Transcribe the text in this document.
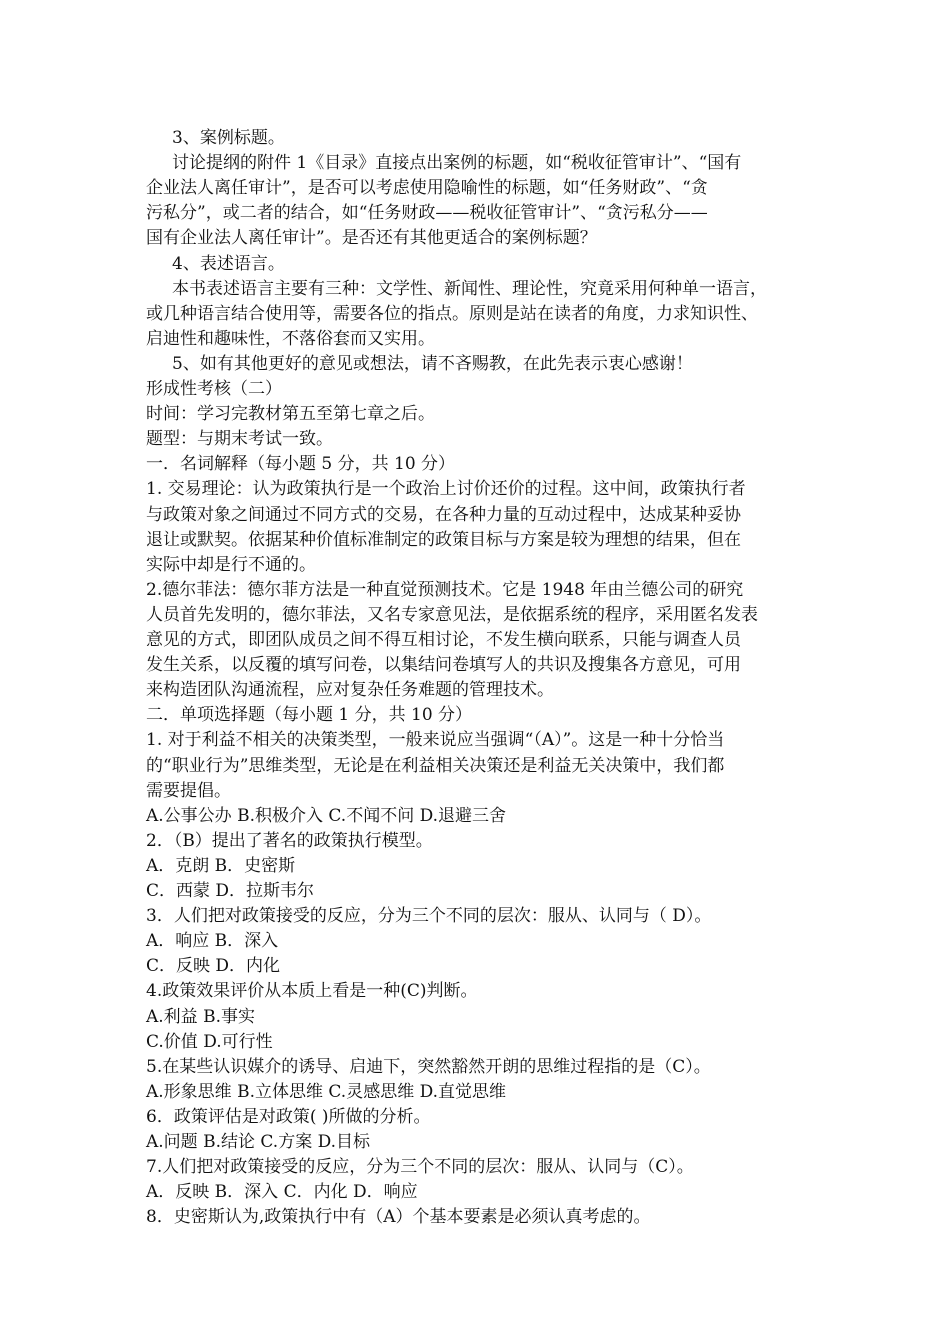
3、案例标题。
讨论提纲的附件 1《目录》直接点出案例的标题，如“税收征管审计”、“国有
企业法人离任审计”，是否可以考虑使用隐喻性的标题，如“任务财政”、“贪
污私分”，或二者的结合，如“任务财政——税收征管审计”、“贪污私分——
国有企业法人离任审计”。是否还有其他更适合的案例标题？
4、表述语言。
本书表述语言主要有三种：文学性、新闻性、理论性，究竟采用何种单一语言，
或几种语言结合使用等，需要各位的指点。原则是站在读者的角度，力求知识性、
启迪性和趣味性，不落俗套而又实用。
5、如有其他更好的意见或想法，请不吝赐教，在此先表示衷心感谢！
形成性考核（二）
时间：学习完教材第五至第七章之后。
题型：与期末考试一致。
一．名词解释（每小题 5 分，共 10 分）
1. 交易理论：认为政策执行是一个政治上讨价还价的过程。这中间，政策执行者
与政策对象之间通过不同方式的交易，在各种力量的互动过程中，达成某种妥协
退让或默契。依据某种价值标准制定的政策目标与方案是较为理想的结果，但在
实际中却是行不通的。
2.德尔菲法：德尔菲方法是一种直觉预测技术。它是 1948 年由兰德公司的研究
人员首先发明的，德尔菲法，又名专家意见法，是依据系统的程序，采用匿名发表
意见的方式，即团队成员之间不得互相讨论，不发生横向联系，只能与调查人员
发生关系，以反覆的填写问卷，以集结问卷填写人的共识及搜集各方意见，可用
来构造团队沟通流程，应对复杂任务难题的管理技术。
二．单项选择题（每小题 1 分，共 10 分）
1. 对于利益不相关的决策类型，一般来说应当强调“（A）”。这是一种十分恰当
的“职业行为”思维类型，无论是在利益相关决策还是利益无关决策中，我们都
需要提倡。
A.公事公办 B.积极介入 C.不闻不问 D.退避三舍
2．（B）提出了著名的政策执行模型。
A．克朗 B．史密斯
C．西蒙 D．拉斯韦尔
3．人们把对政策接受的反应，分为三个不同的层次：服从、认同与（ D）。
A．响应 B．深入
C．反映 D．内化
4.政策效果评价从本质上看是一种(C)判断。
A.利益 B.事实
C.价值 D.可行性
5.在某些认识媒介的诱导、启迪下，突然豁然开朗的思维过程指的是（C）。
A.形象思维 B.立体思维 C.灵感思维 D.直觉思维
6．政策评估是对政策( )所做的分析。
A.问题 B.结论 C.方案 D.目标
7.人们把对政策接受的反应，分为三个不同的层次：服从、认同与（C）。
A．反映 B．深入 C．内化 D．响应
8．史密斯认为,政策执行中有（A）个基本要素是必须认真考虑的。
